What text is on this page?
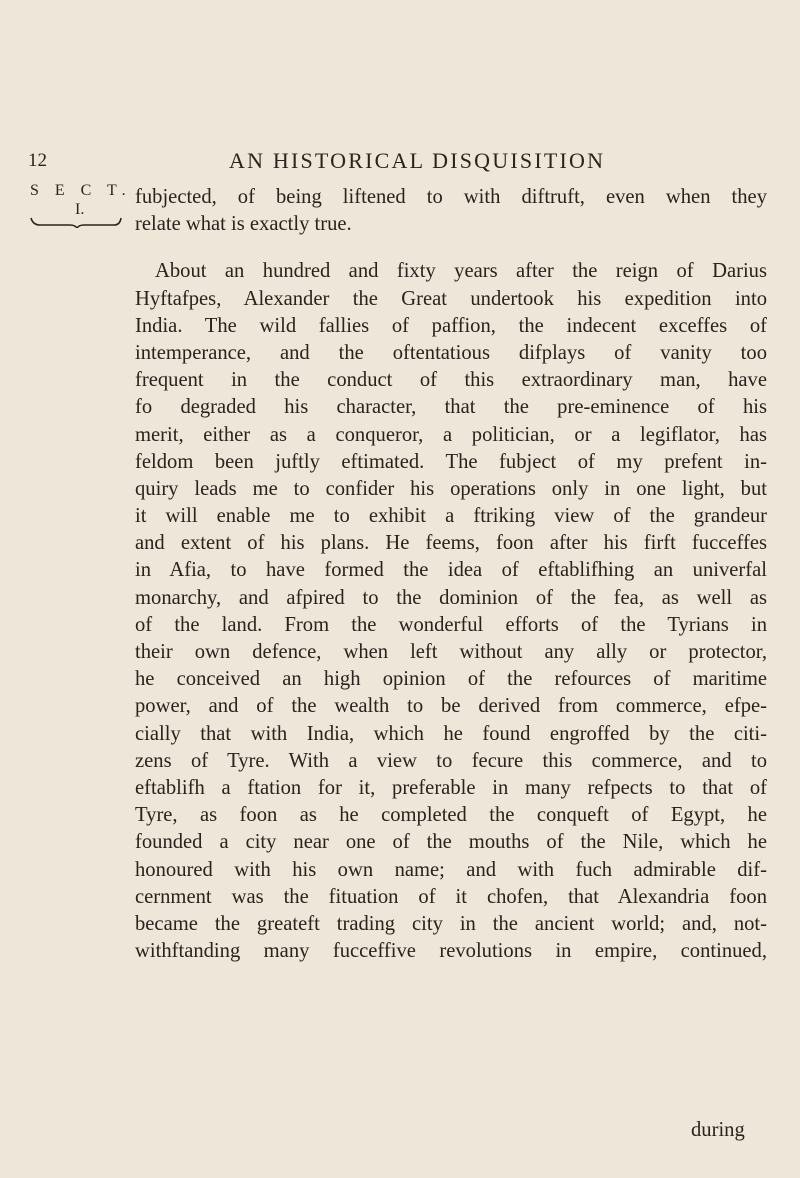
12	AN HISTORICAL DISQUISITION
S E C T.
I.
fubjected, of being liftened to with diftruft, even when they
relate what is exactly true.
About an hundred and fixty years after the reign of Darius
Hyftafpes, Alexander the Great undertook his expedition into
India. The wild fallies of paffion, the indecent exceffes of
intemperance, and the oftentatious difplays of vanity too
frequent in the conduct of this extraordinary man, have
fo degraded his character, that the pre-eminence of his
merit, either as a conqueror, a politician, or a legiflator, has
feldom been juftly eftimated. The fubject of my prefent in-
quiry leads me to confider his operations only in one light, but
it will enable me to exhibit a ftriking view of the grandeur
and extent of his plans. He feems, foon after his firft fucceffes
in Afia, to have formed the idea of eftablifhing an univerfal
monarchy, and afpired to the dominion of the fea, as well as
of the land. From the wonderful efforts of the Tyrians in
their own defence, when left without any ally or protector,
he conceived an high opinion of the refources of maritime
power, and of the wealth to be derived from commerce, efpe-
cially that with India, which he found engroffed by the citi-
zens of Tyre. With a view to fecure this commerce, and to
eftablifh a ftation for it, preferable in many refpects to that of
Tyre, as foon as he completed the conqueft of Egypt, he
founded a city near one of the mouths of the Nile, which he
honoured with his own name; and with fuch admirable dif-
cernment was the fituation of it chofen, that Alexandria foon
became the greateft trading city in the ancient world; and, not-
withftanding many fucceffive revolutions in empire, continued,
during
